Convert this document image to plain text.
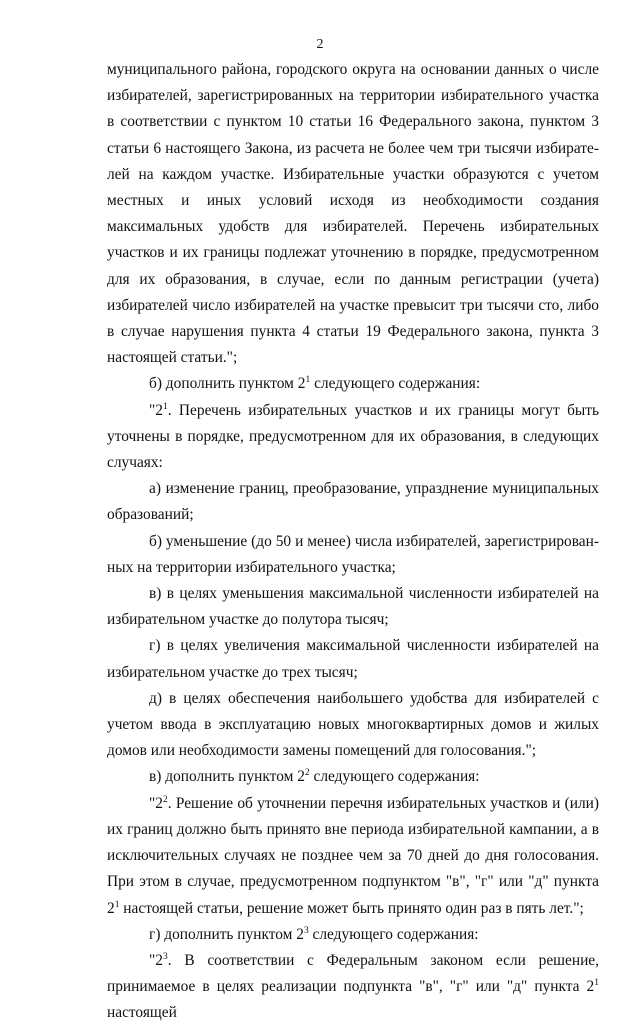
2

муниципального района, городского округа на основании данных о числе избирателей, зарегистрированных на территории избирательного участка в соответствии с пунктом 10 статьи 16 Федерального закона, пунктом 3 статьи 6 настоящего Закона, из расчета не более чем три тысячи избирателей на каждом участке. Избирательные участки образуются с учетом местных и иных условий исходя из необходимости создания максимальных удобств для избирателей. Перечень избирательных участков и их границы подлежат уточнению в порядке, предусмотренном для их образования, в случае, если по данным регистрации (учета) избирателей число избирателей на участке превысит три тысячи сто, либо в случае нарушения пункта 4 статьи 19 Федерального закона, пункта 3 настоящей статьи.";

б) дополнить пунктом $2^1$ следующего содержания:

"$2^1$. Перечень избирательных участков и их границы могут быть уточнены в порядке, предусмотренном для их образования, в следующих случаях:

а) изменение границ, преобразование, упразднение муниципальных образований;

б) уменьшение (до 50 и менее) числа избирателей, зарегистрированных на территории избирательного участка;

в) в целях уменьшения максимальной численности избирателей на избирательном участке до полутора тысяч;

г) в целях увеличения максимальной численности избирателей на избирательном участке до трех тысяч;

д) в целях обеспечения наибольшего удобства для избирателей с учетом ввода в эксплуатацию новых многоквартирных домов и жилых домов или необходимости замены помещений для голосования.";

в) дополнить пунктом $2^2$ следующего содержания:

"$2^2$. Решение об уточнении перечня избирательных участков и (или) их границ должно быть принято вне периода избирательной кампании, а в исключительных случаях не позднее чем за 70 дней до дня голосования. При этом в случае, предусмотренном подпунктом "в", "г" или "д" пункта $2^1$ настоящей статьи, решение может быть принято один раз в пять лет.";

г) дополнить пунктом $2^3$ следующего содержания:

"$2^3$. В соответствии с Федеральным законом если решение, принимаемое в целях реализации подпункта "в", "г" или "д" пункта $2^1$ настоящей
